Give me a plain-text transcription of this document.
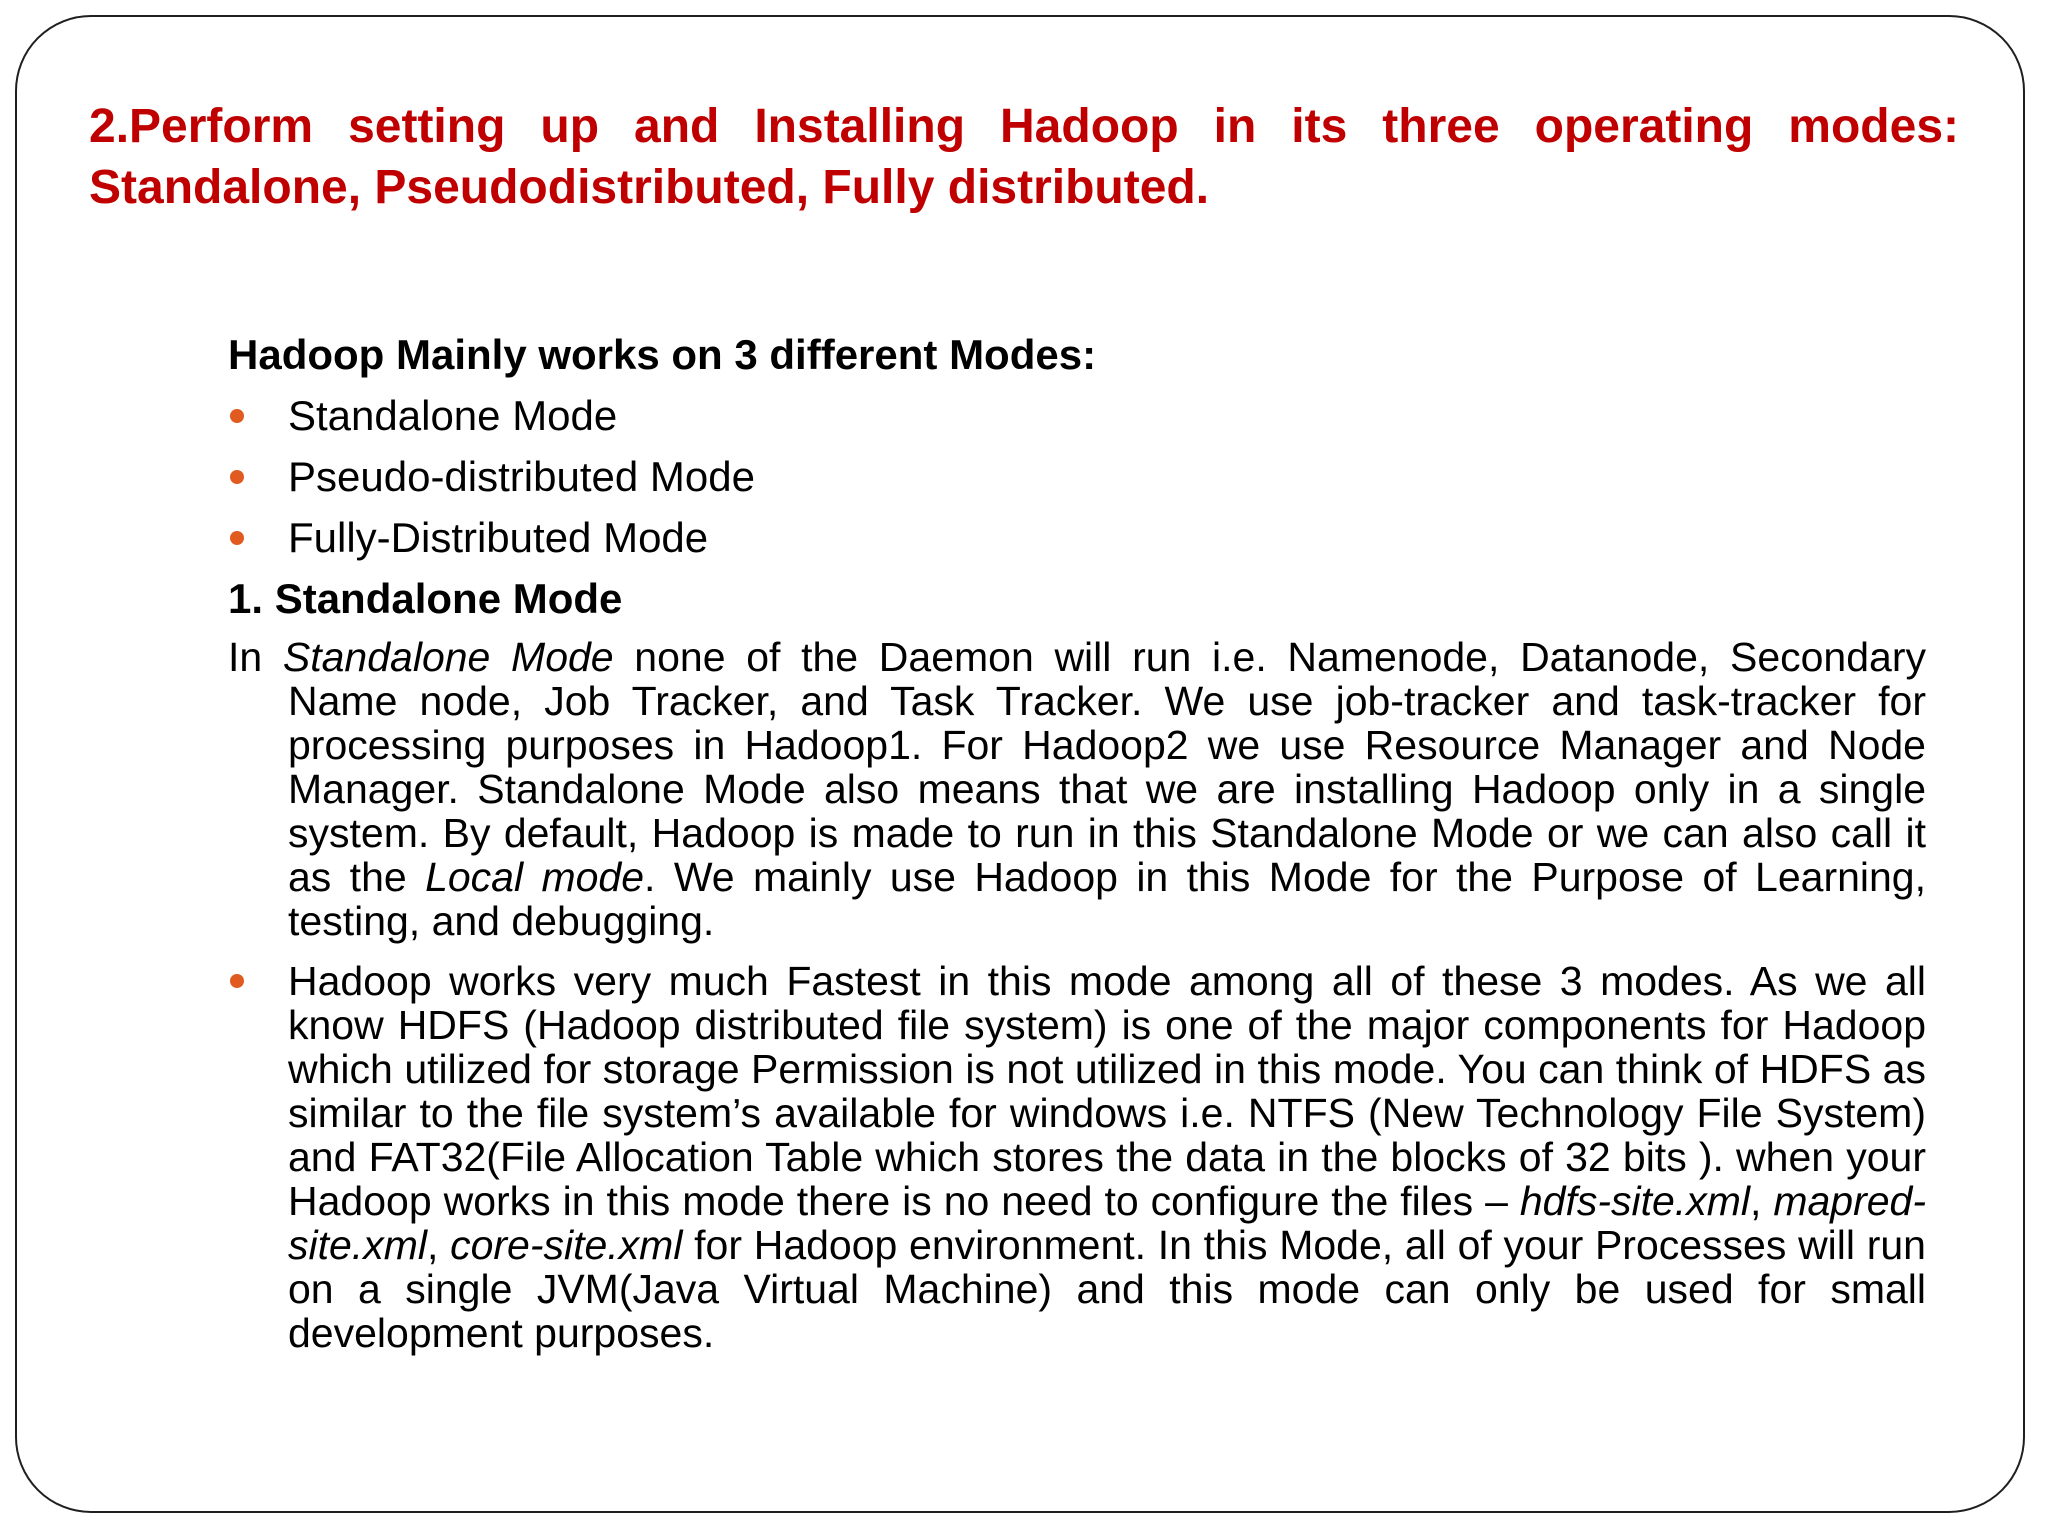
2.Perform setting up and Installing Hadoop in its three operating modes:
Standalone, Pseudodistributed, Fully distributed.
Hadoop Mainly works on 3 different Modes:
Standalone Mode
Pseudo-distributed Mode
Fully-Distributed Mode
1. Standalone Mode

In Standalone Mode none of the Daemon will run i.e. Namenode, Datanode, Secondary Name node, Job Tracker, and Task Tracker. We use job-tracker and task-tracker for processing purposes in Hadoop1. For Hadoop2 we use Resource Manager and Node Manager. Standalone Mode also means that we are installing Hadoop only in a single system. By default, Hadoop is made to run in this Standalone Mode or we can also call it as the Local mode. We mainly use Hadoop in this Mode for the Purpose of Learning, testing, and debugging.

Hadoop works very much Fastest in this mode among all of these 3 modes. As we all know HDFS (Hadoop distributed file system) is one of the major components for Hadoop which utilized for storage Permission is not utilized in this mode. You can think of HDFS as similar to the file system’s available for windows i.e. NTFS (New Technology File System) and FAT32(File Allocation Table which stores the data in the blocks of 32 bits ). when your Hadoop works in this mode there is no need to configure the files – hdfs-site.xml, mapred-site.xml, core-site.xml for Hadoop environment. In this Mode, all of your Processes will run on a single JVM(Java Virtual Machine) and this mode can only be used for small development purposes.
